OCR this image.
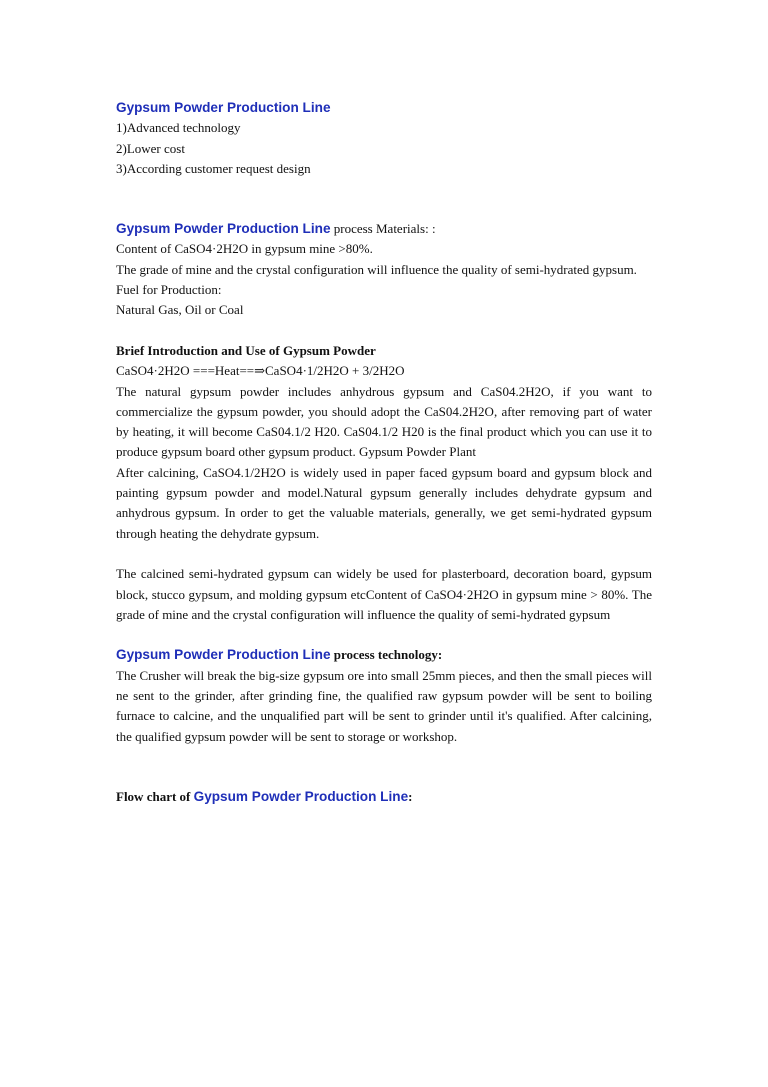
Gypsum Powder Production Line
1)Advanced technology
2)Lower cost
3)According customer request design
Gypsum Powder Production Line process Materials: :
Content of CaSO4·2H2O in gypsum mine >80%.

The grade of mine and the crystal configuration will influence the quality of semi-hydrated gypsum.

Fuel for Production:
Natural Gas, Oil or Coal
Brief Introduction and Use of Gypsum Powder
CaSO4·2H2O ===Heat==⇒CaSO4·1/2H2O + 3/2H2O

The natural gypsum powder includes anhydrous gypsum and CaS04.2H2O, if you want to commercialize the gypsum powder, you should adopt the CaS04.2H2O, after removing part of water by heating, it will become CaS04.1/2 H20. CaS04.1/2 H20 is the final product which you can use it to produce gypsum board other gypsum product. Gypsum Powder Plant

After calcining, CaSO4.1/2H2O is widely used in paper faced gypsum board and gypsum block and painting gypsum powder and model.Natural gypsum generally includes dehydrate gypsum and anhydrous gypsum. In order to get the valuable materials, generally, we get semi-hydrated gypsum through heating the dehydrate gypsum.

The calcined semi-hydrated gypsum can widely be used for plasterboard, decoration board, gypsum block, stucco gypsum, and molding gypsum etcContent of CaSO4·2H2O in gypsum mine > 80%. The grade of mine and the crystal configuration will influence the quality of semi-hydrated gypsum

Gypsum Powder Production Line process technology:

The Crusher will break the big-size gypsum ore into small 25mm pieces, and then the small pieces will ne sent to the grinder, after grinding fine, the qualified raw gypsum powder will be sent to boiling furnace to calcine, and the unqualified part will be sent to grinder until it's qualified. After calcining, the qualified gypsum powder will be sent to storage or workshop.

Flow chart of Gypsum Powder Production Line:
